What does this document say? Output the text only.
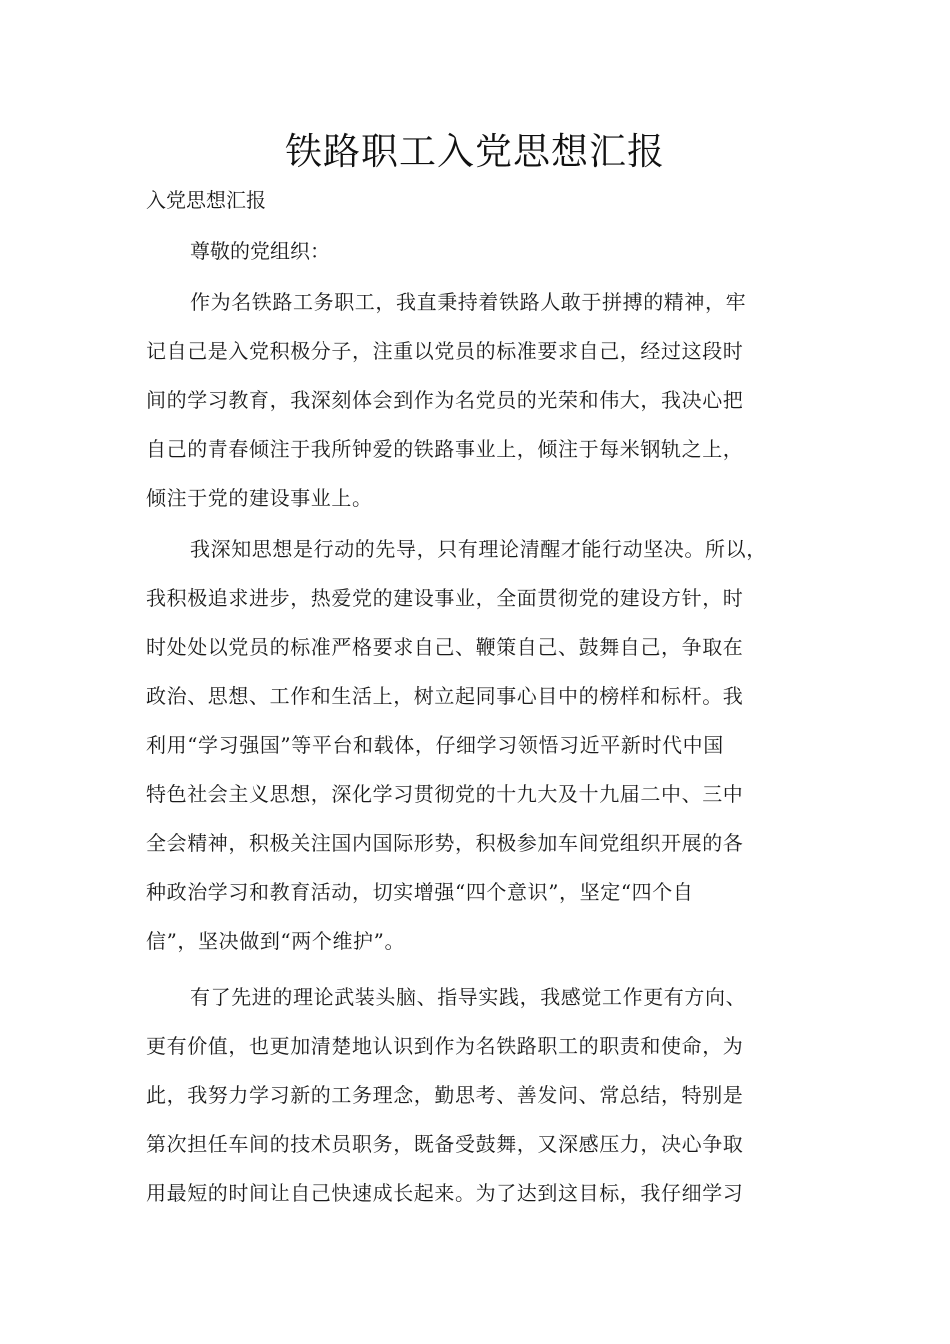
铁路职工入党思想汇报
入党思想汇报
尊敬的党组织：
作为名铁路工务职工，我直秉持着铁路人敢于拼搏的精神，牢
记自己是入党积极分子，注重以党员的标准要求自己，经过这段时
间的学习教育，我深刻体会到作为名党员的光荣和伟大，我决心把
自己的青春倾注于我所钟爱的铁路事业上，倾注于每米钢轨之上，
倾注于党的建设事业上。
我深知思想是行动的先导，只有理论清醒才能行动坚决。所以，
我积极追求进步，热爱党的建设事业，全面贯彻党的建设方针，时
时处处以党员的标准严格要求自己、鞭策自己、鼓舞自己，争取在
政治、思想、工作和生活上，树立起同事心目中的榜样和标杆。我
利用“学习强国”等平台和载体，仔细学习领悟习近平新时代中国
特色社会主义思想，深化学习贯彻党的十九大及十九届二中、三中
全会精神，积极关注国内国际形势，积极参加车间党组织开展的各
种政治学习和教育活动，切实增强“四个意识”，坚定“四个自
信”，坚决做到“两个维护”。
有了先进的理论武装头脑、指导实践，我感觉工作更有方向、
更有价值，也更加清楚地认识到作为名铁路职工的职责和使命，为
此，我努力学习新的工务理念，勤思考、善发问、常总结，特别是
第次担任车间的技术员职务，既备受鼓舞，又深感压力，决心争取
用最短的时间让自己快速成长起来。为了达到这目标，我仔细学习
